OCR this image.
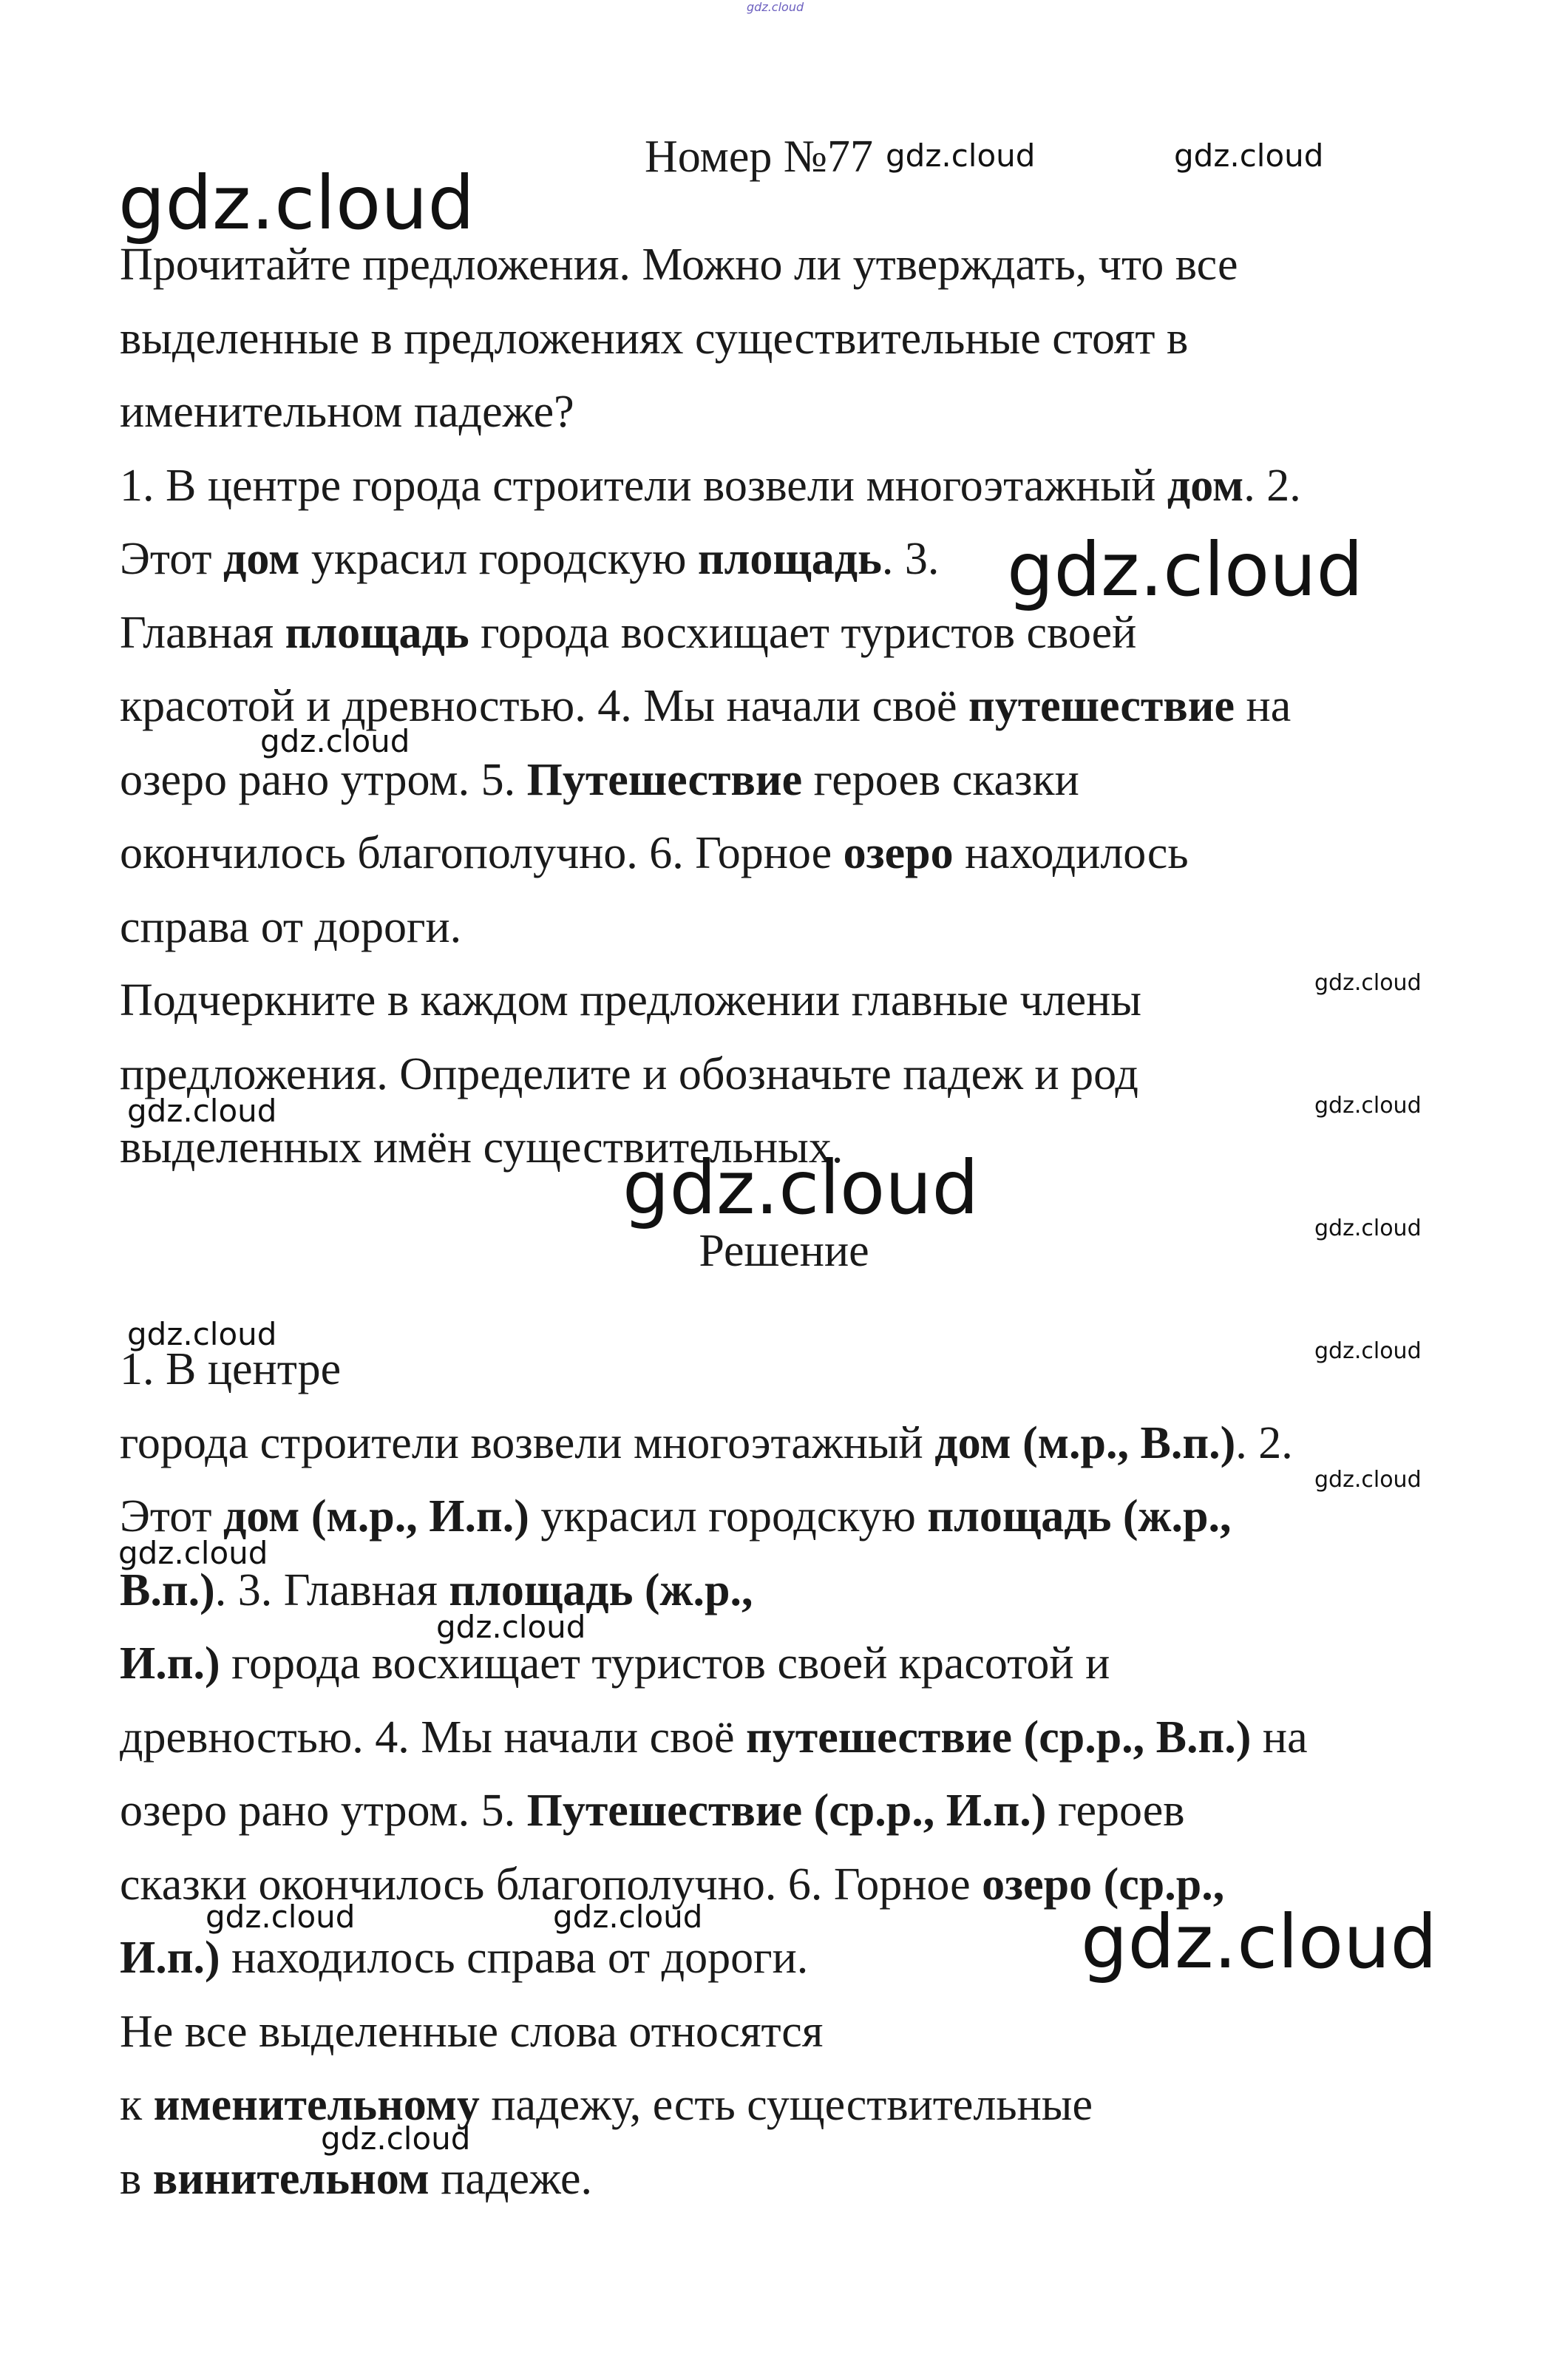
Номер №77
Прочитайте предложения. Можно ли утверждать, что все
выделенные в предложениях существительные стоят в
именительном падеже?
1. В центре города строители возвели многоэтажный дом. 2.
Этот дом украсил городскую площадь. 3.
Главная площадь города восхищает туристов своей
красотой и древностью. 4. Мы начали своё путешествие на
озеро рано утром. 5. Путешествие героев сказки
окончилось благополучно. 6. Горное озеро находилось
справа от дороги.
Подчеркните в каждом предложении главные члены
предложения. Определите и обозначьте падеж и род
выделенных имён существительных.
Решение
1. В центре
города строители возвели многоэтажный дом (м.р., В.п.). 2.
Этот дом (м.р., И.п.) украсил городскую площадь (ж.р.,
В.п.). 3. Главная площадь (ж.р.,
И.п.) города восхищает туристов своей красотой и
древностью. 4. Мы начали своё путешествие (ср.р., В.п.) на
озеро рано утром. 5. Путешествие (ср.р., И.п.) героев
сказки окончилось благополучно. 6. Горное озеро (ср.р.,
И.п.) находилось справа от дороги.
Не все выделенные слова относятся
к именительному падежу, есть существительные
в винительном падеже.
gdz.cloud
gdz.cloud	gdz.cloud
gdz.cloud
gdz.cloud
gdz.cloud
gdz.cloud
gdz.cloud
gdz.cloud
gdz.cloud	gdz.cloud
gdz.cloud	gdz.cloud
gdz.cloud
gdz.cloud
gdz.cloud
gdz.cloud	gdz.cloud	gdz.cloud
gdz.cloud
